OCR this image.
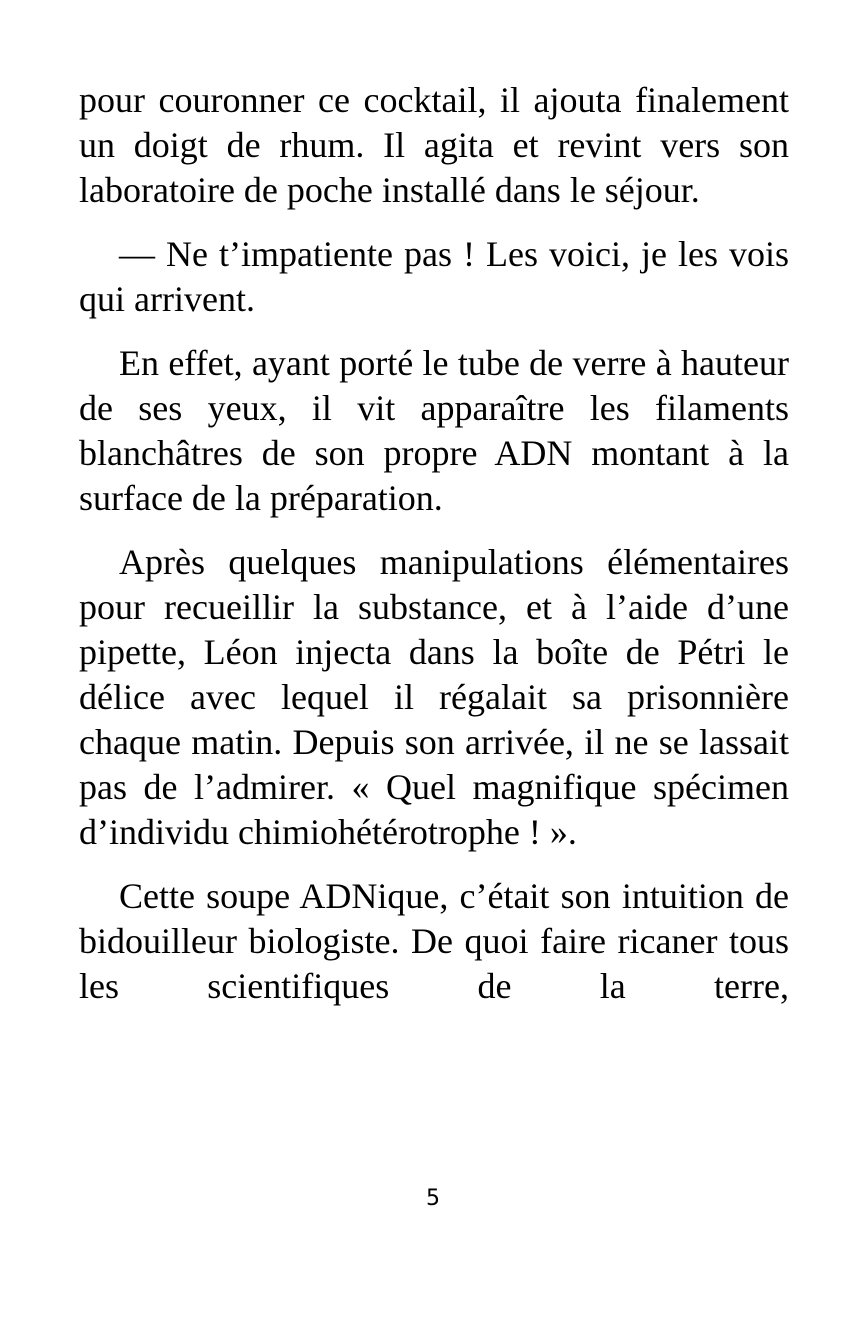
pour couronner ce cocktail, il ajouta finalement un doigt de rhum. Il agita et revint vers son laboratoire de poche installé dans le séjour.

— Ne t’impatiente pas ! Les voici, je les vois qui arrivent.

En effet, ayant porté le tube de verre à hauteur de ses yeux, il vit apparaître les filaments blanchâtres de son propre ADN montant à la surface de la préparation.

Après quelques manipulations élémentaires pour recueillir la substance, et à l’aide d’une pipette, Léon injecta dans la boîte de Pétri le délice avec lequel il régalait sa prisonnière chaque matin. Depuis son arrivée, il ne se lassait pas de l’admirer. « Quel magnifique spécimen d’individu chimiohétérotrophe ! ».

Cette soupe ADNique, c’était son intuition de bidouilleur biologiste. De quoi faire ricaner tous les scientifiques de la terre,

5
